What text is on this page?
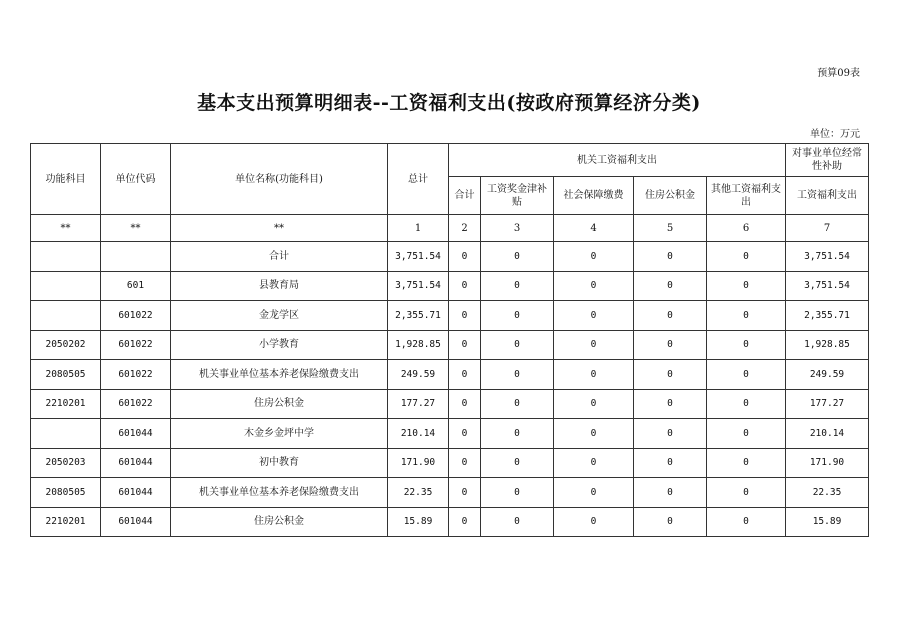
预算09表
基本支出预算明细表--工资福利支出(按政府预算经济分类)
单位：万元
功能科目	单位代码	单位名称(功能科目)	总计	机关工资福利支出					对事业单位经常性补助
				合计	工资奖金津补贴	社会保障缴费	住房公积金	其他工资福利支出	工资福利支出
**	**	**	1	2	3	4	5	6	7
		合计	3,751.54	0	0	0	0	0	3,751.54
	601	县教育局	3,751.54	0	0	0	0	0	3,751.54
	601022	金龙学区	2,355.71	0	0	0	0	0	2,355.71
2050202	601022	小学教育	1,928.85	0	0	0	0	0	1,928.85
2080505	601022	机关事业单位基本养老保险缴费支出	249.59	0	0	0	0	0	249.59
2210201	601022	住房公积金	177.27	0	0	0	0	0	177.27
	601044	木金乡金坪中学	210.14	0	0	0	0	0	210.14
2050203	601044	初中教育	171.90	0	0	0	0	0	171.90
2080505	601044	机关事业单位基本养老保险缴费支出	22.35	0	0	0	0	0	22.35
2210201	601044	住房公积金	15.89	0	0	0	0	0	15.89
